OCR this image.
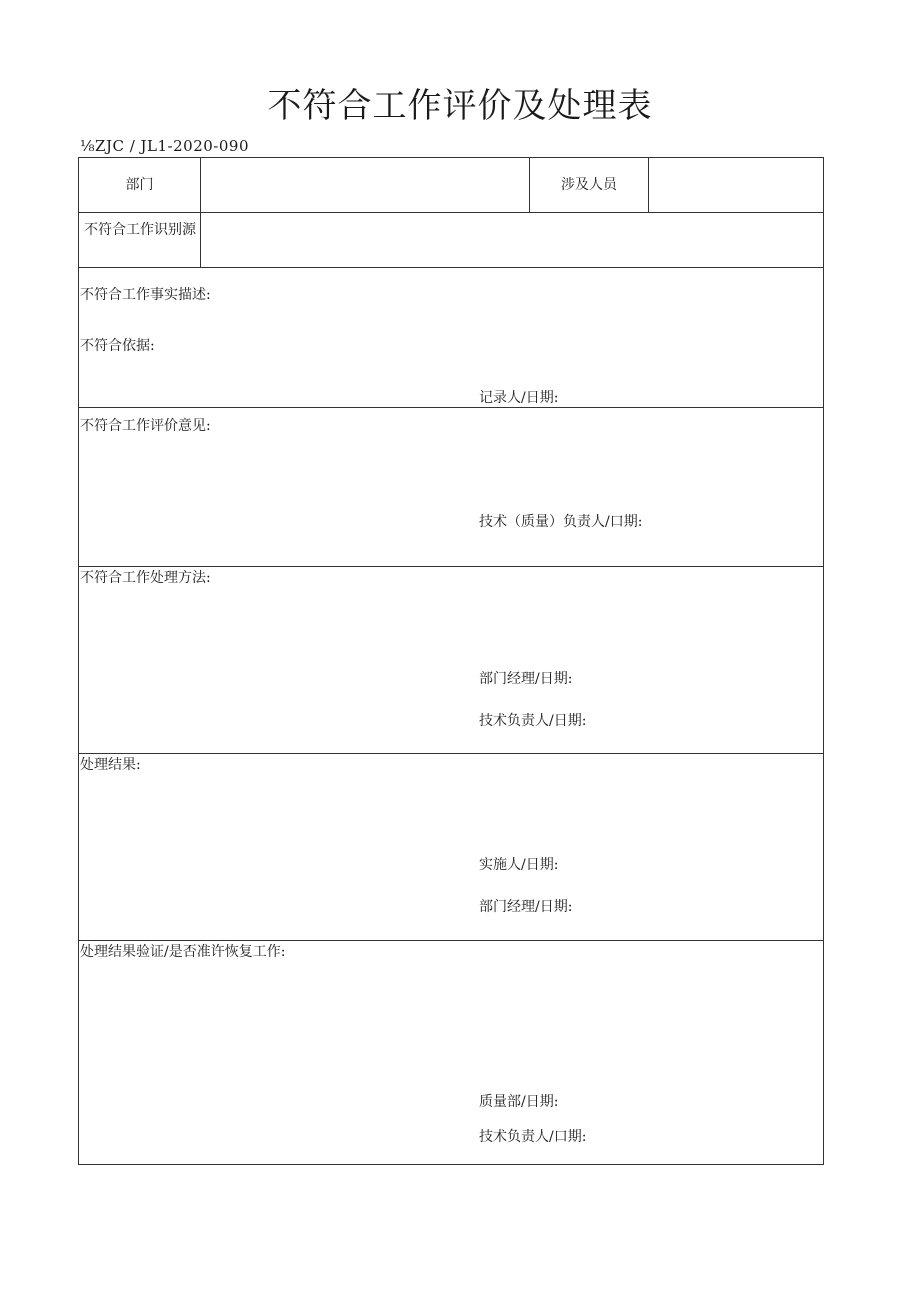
不符合工作评价及处理表
⅛ZJC / JL1-2020-090
部门	涉及人员
不符合工作识别源
不符合工作事实描述:
不符合依据:
记录人/日期:
不符合工作评价意见:
技术（质量）负责人/口期:
不符合工作处理方法:
部门经理/日期:
技术负责人/日期:
处理结果:
实施人/日期:
部门经理/日期:
处理结果验证/是否准许恢复工作:
质量部/日期:
技术负责人/口期:
